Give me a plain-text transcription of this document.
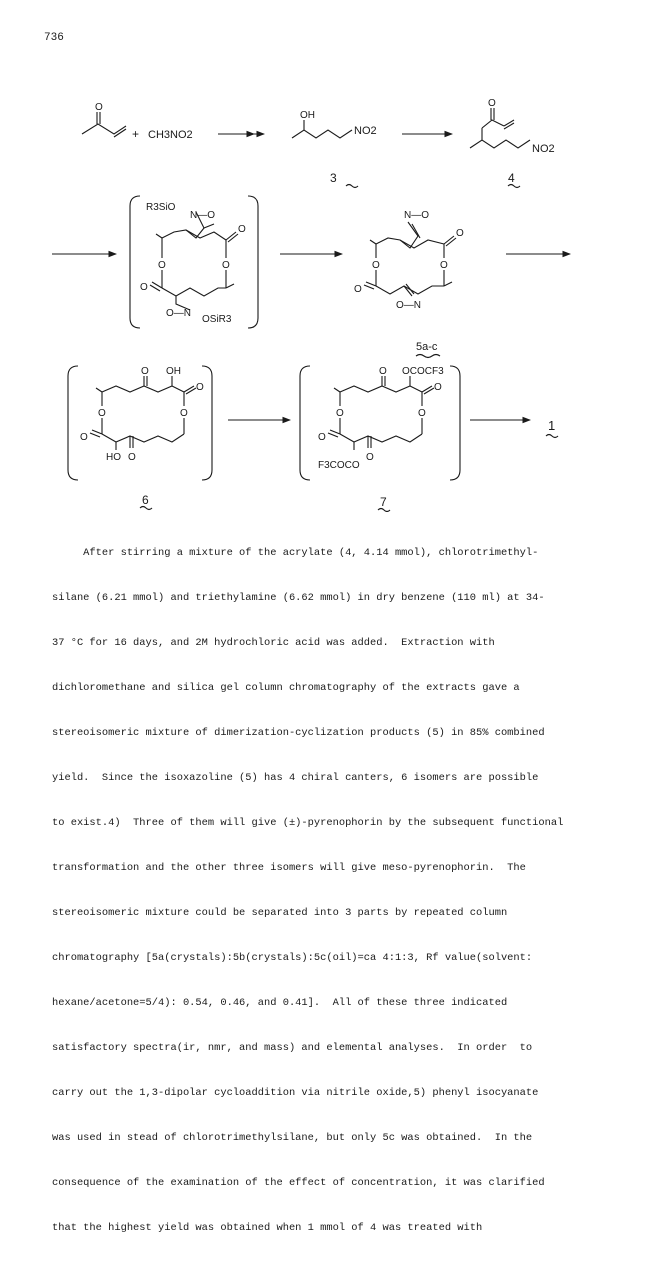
736
O
+ CH3NO2
OH
NO2
3
O
NO2
4
R3SiO
N—O
O
O
O
O
O—N
OSiR3
N—O
O
O
O
O
O—N
5a-c
O OH
O
O
O
O
HO O
6
O OCOCF3
O
O
O
O
F3COCO
O
7
1

After stirring a mixture of the acrylate (4, 4.14 mmol), chlorotrimethyl-

silane (6.21 mmol) and triethylamine (6.62 mmol) in dry benzene (110 ml) at 34-

37 °C for 16 days, and 2M hydrochloric acid was added.  Extraction with

dichloromethane and silica gel column chromatography of the extracts gave a

stereoisomeric mixture of dimerization-cyclization products (5) in 85% combined

yield.  Since the isoxazoline (5) has 4 chiral canters, 6 isomers are possible

to exist.4)  Three of them will give (±)-pyrenophorin by the subsequent functional

transformation and the other three isomers will give meso-pyrenophorin.  The

stereoisomeric mixture could be separated into 3 parts by repeated column

chromatography [5a(crystals):5b(crystals):5c(oil)=ca 4:1:3, Rf value(solvent:

hexane/acetone=5/4): 0.54, 0.46, and 0.41].  All of these three indicated

satisfactory spectra(ir, nmr, and mass) and elemental analyses.  In order  to

carry out the 1,3-dipolar cycloaddition via nitrile oxide,5) phenyl isocyanate

was used in stead of chlorotrimethylsilane, but only 5c was obtained.  In the

consequence of the examination of the effect of concentration, it was clarified

that the highest yield was obtained when 1 mmol of 4 was treated with
